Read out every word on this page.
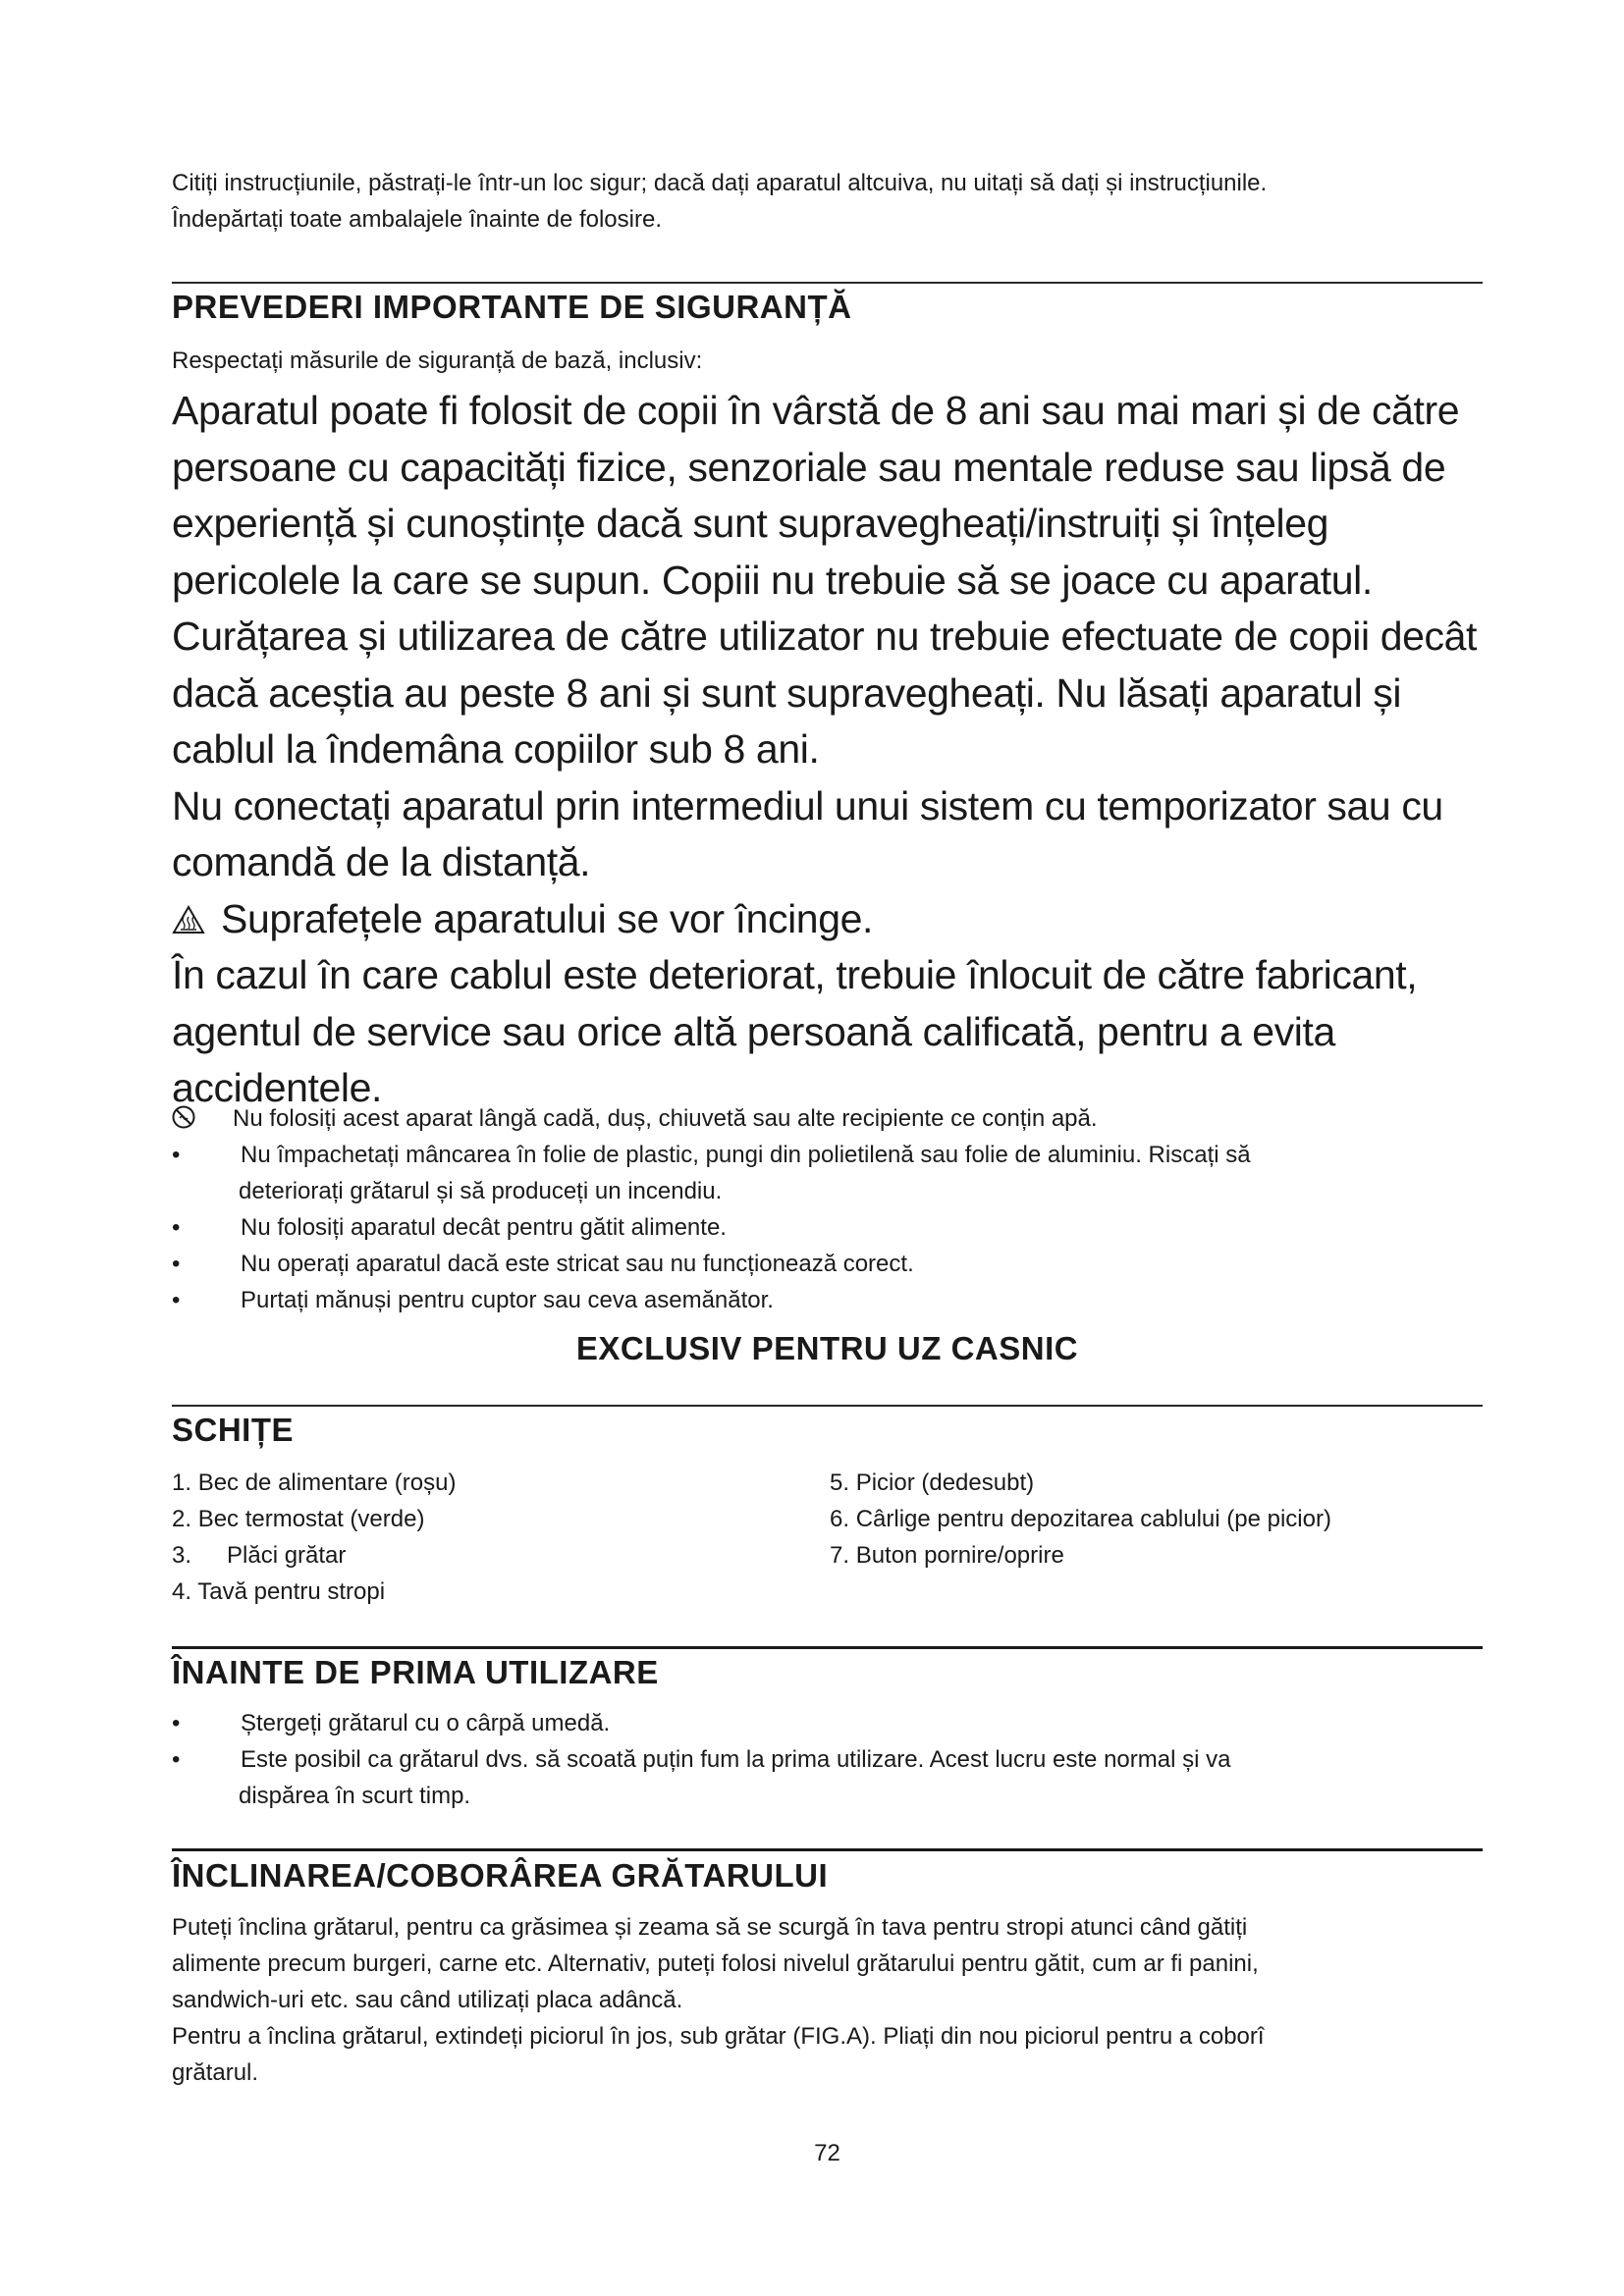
Citiți instrucțiunile, păstrați-le într-un loc sigur; dacă dați aparatul altcuiva, nu uitați să dați și instrucțiunile.

Îndepărtați toate ambalajele înainte de folosire.

PREVEDERI IMPORTANTE DE SIGURANȚĂ
Respectați măsurile de siguranță de bază, inclusiv:

Aparatul poate fi folosit de copii în vârstă de 8 ani sau mai mari și de către

persoane cu capacități fizice, senzoriale sau mentale reduse sau lipsă de

experiență și cunoștințe dacă sunt supravegheați/instruiți și înțeleg

pericolele la care se supun. Copiii nu trebuie să se joace cu aparatul.

Curățarea și utilizarea de către utilizator nu trebuie efectuate de copii decât

dacă aceștia au peste 8 ani și sunt supravegheați. Nu lăsați aparatul și

cablul la îndemâna copiilor sub 8 ani.

Nu conectați aparatul prin intermediul unui sistem cu temporizator sau cu

comandă de la distanță.

Suprafețele aparatului se vor încinge.

În cazul în care cablul este deteriorat, trebuie înlocuit de către fabricant,

agentul de service sau orice altă persoană calificată, pentru a evita

accidentele.

Nu folosiți acest aparat lângă cadă, duș, chiuvetă sau alte recipiente ce conțin apă.
•	Nu împachetați mâncarea în folie de plastic, pungi din polietilenă sau folie de aluminiu. Riscați să
deteriorați grătarul și să produceți un incendiu.
•	Nu folosiți aparatul decât pentru gătit alimente.
•	Nu operați aparatul dacă este stricat sau nu funcționează corect.
•	Purtați mănuși pentru cuptor sau ceva asemănător.
EXCLUSIV PENTRU UZ CASNIC
SCHIȚE
1. Bec de alimentare (roșu)
2. Bec termostat (verde)
3. Plăci grătar
4. Tavă pentru stropi
5. Picior (dedesubt)
6. Cârlige pentru depozitarea cablului (pe picior)
7. Buton pornire/oprire
ÎNAINTE DE PRIMA UTILIZARE
•	Ștergeți grătarul cu o cârpă umedă.
•	Este posibil ca grătarul dvs. să scoată puțin fum la prima utilizare. Acest lucru este normal și va
dispărea în scurt timp.
ÎNCLINAREA/COBORÂREA GRĂTARULUI

Puteți înclina grătarul, pentru ca grăsimea și zeama să se scurgă în tava pentru stropi atunci când gătiți

alimente precum burgeri, carne etc. Alternativ, puteți folosi nivelul grătarului pentru gătit, cum ar fi panini,

sandwich-uri etc. sau când utilizați placa adâncă.

Pentru a înclina grătarul, extindeți piciorul în jos, sub grătar (FIG.A). Pliați din nou piciorul pentru a coborî

grătarul.

72
